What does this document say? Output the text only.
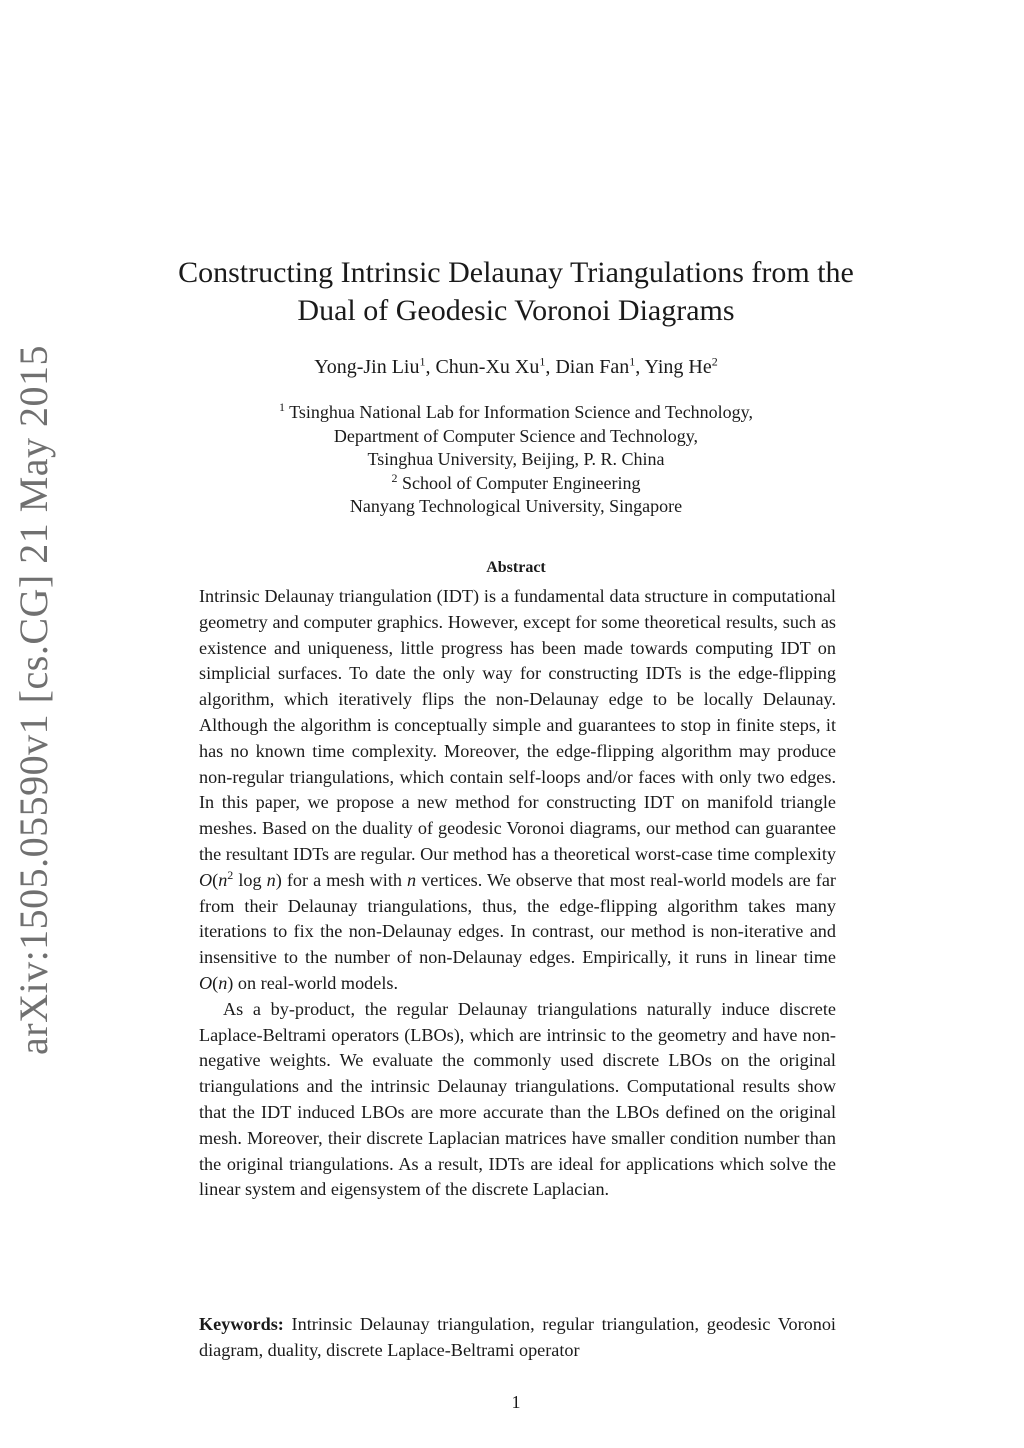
arXiv:1505.05590v1 [cs.CG] 21 May 2015
Constructing Intrinsic Delaunay Triangulations from the
Dual of Geodesic Voronoi Diagrams
Yong-Jin Liu$^1$, Chun-Xu Xu$^1$, Dian Fan$^1$, Ying He$^2$
$^1$ Tsinghua National Lab for Information Science and Technology,
Department of Computer Science and Technology,
Tsinghua University, Beijing, P. R. China
$^2$ School of Computer Engineering
Nanyang Technological University, Singapore
Abstract

Intrinsic Delaunay triangulation (IDT) is a fundamental data structure in computational geometry and computer graphics. However, except for some theoretical results, such as existence and uniqueness, little progress has been made towards computing IDT on simplicial surfaces. To date the only way for constructing IDTs is the edge-flipping algorithm, which iteratively flips the non-Delaunay edge to be locally Delaunay. Although the algorithm is conceptually simple and guarantees to stop in finite steps, it has no known time complexity. Moreover, the edge-flipping algorithm may produce non-regular triangulations, which contain self-loops and/or faces with only two edges. In this paper, we propose a new method for constructing IDT on manifold triangle meshes. Based on the duality of geodesic Voronoi diagrams, our method can guarantee the resultant IDTs are regular. Our method has a theoretical worst-case time complexity $O(n^2$ log n) for a mesh with n vertices. We observe that most real-world models are far from their Delaunay triangulations, thus, the edge-flipping algorithm takes many iterations to fix the non-Delaunay edges. In contrast, our method is non-iterative and insensitive to the number of non-Delaunay edges. Empirically, it runs in linear time O(n) on real-world models.

As a by-product, the regular Delaunay triangulations naturally induce discrete Laplace-Beltrami operators (LBOs), which are intrinsic to the geometry and have non-negative weights. We evaluate the commonly used discrete LBOs on the original triangulations and the intrinsic Delaunay triangulations. Computational results show that the IDT induced LBOs are more accurate than the LBOs defined on the original mesh. Moreover, their discrete Laplacian matrices have smaller condition number than the original triangulations. As a result, IDTs are ideal for applications which solve the linear system and eigensystem of the discrete Laplacian.

Keywords: Intrinsic Delaunay triangulation, regular triangulation, geodesic Voronoi diagram, duality, discrete Laplace-Beltrami operator
1
